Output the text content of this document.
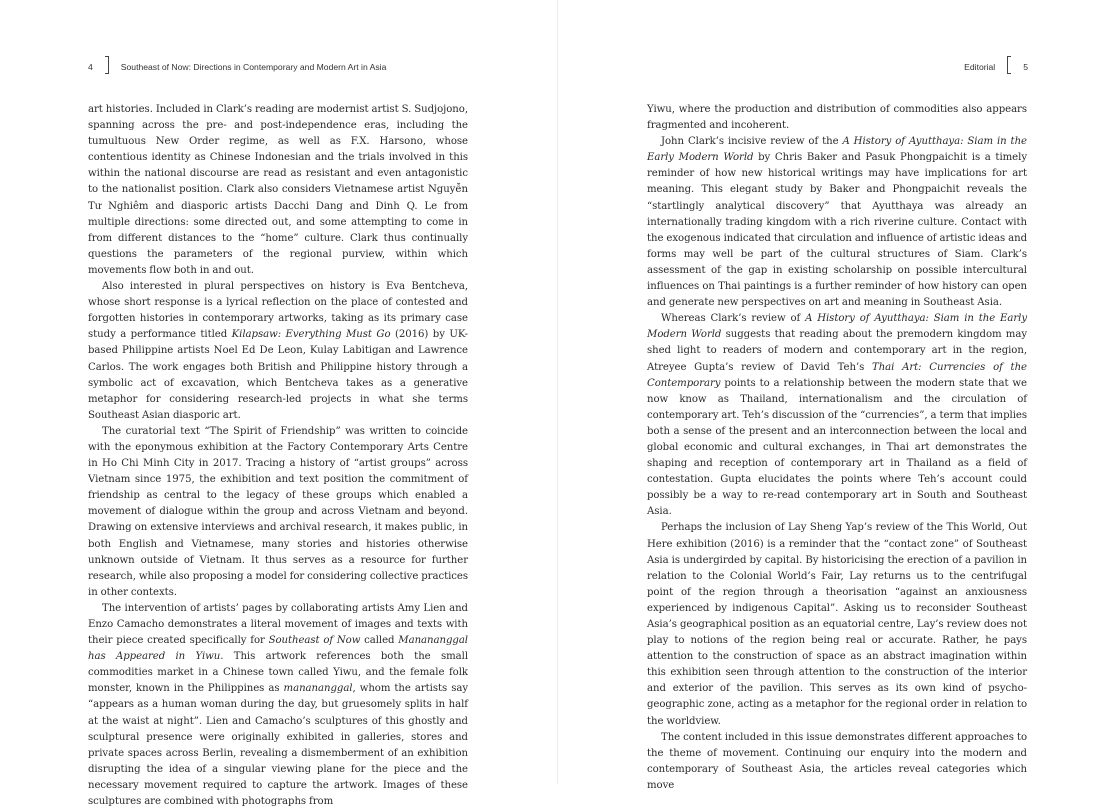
4	Southeast of Now: Directions in Contemporary and Modern Art in Asia

art histories. Included in Clark’s reading are modernist artist S. Sudjojono, spanning across the pre- and post-independence eras, including the tumultuous New Order regime, as well as F.X. Harsono, whose contentious identity as Chinese Indonesian and the trials involved in this within the national discourse are read as resistant and even antagonistic to the nationalist position. Clark also considers Vietnamese artist Nguyễn Tư Nghiêm and diasporic artists Dacchi Dang and Dinh Q. Le from multiple directions: some directed out, and some attempting to come in from different distances to the “home” culture. Clark thus continually questions the parameters of the regional purview, within which movements flow both in and out.

Also interested in plural perspectives on history is Eva Bentcheva, whose short response is a lyrical reflection on the place of contested and forgotten histories in contemporary artworks, taking as its primary case study a performance titled Kilapsaw: Everything Must Go (2016) by UK-based Philippine artists Noel Ed De Leon, Kulay Labitigan and Lawrence Carlos. The work engages both British and Philippine history through a symbolic act of excavation, which Bentcheva takes as a generative metaphor for considering research-led projects in what she terms Southeast Asian diasporic art.

The curatorial text “The Spirit of Friendship” was written to coincide with the eponymous exhibition at the Factory Contemporary Arts Centre in Ho Chi Minh City in 2017. Tracing a history of “artist groups” across Vietnam since 1975, the exhibition and text position the commitment of friendship as central to the legacy of these groups which enabled a movement of dialogue within the group and across Vietnam and beyond. Drawing on extensive interviews and archival research, it makes public, in both English and Vietnamese, many stories and histories otherwise unknown outside of Vietnam. It thus serves as a resource for further research, while also proposing a model for considering collective practices in other contexts.

The intervention of artists’ pages by collaborating artists Amy Lien and Enzo Camacho demonstrates a literal movement of images and texts with their piece created specifically for Southeast of Now called Manananggal has Appeared in Yiwu. This artwork references both the small commodities market in a Chinese town called Yiwu, and the female folk monster, known in the Philippines as manananggal, whom the artists say “appears as a human woman during the day, but gruesomely splits in half at the waist at night”. Lien and Camacho’s sculptures of this ghostly and sculptural presence were originally exhibited in galleries, stores and private spaces across Berlin, revealing a dismemberment of an exhibition disrupting the idea of a singular viewing plane for the piece and the necessary movement required to capture the artwork. Images of these sculptures are combined with photographs from

Editorial	5

Yiwu, where the production and distribution of commodities also appears fragmented and incoherent.

John Clark’s incisive review of the A History of Ayutthaya: Siam in the Early Modern World by Chris Baker and Pasuk Phongpaichit is a timely reminder of how new historical writings may have implications for art meaning. This elegant study by Baker and Phongpaichit reveals the “startlingly analytical discovery” that Ayutthaya was already an internationally trading kingdom with a rich riverine culture. Contact with the exogenous indicated that circulation and influence of artistic ideas and forms may well be part of the cultural structures of Siam. Clark’s assessment of the gap in existing scholarship on possible intercultural influences on Thai paintings is a further reminder of how history can open and generate new perspectives on art and meaning in Southeast Asia.

Whereas Clark’s review of A History of Ayutthaya: Siam in the Early Modern World suggests that reading about the premodern kingdom may shed light to readers of modern and contemporary art in the region, Atreyee Gupta’s review of David Teh’s Thai Art: Currencies of the Contemporary points to a relationship between the modern state that we now know as Thailand, internationalism and the circulation of contemporary art. Teh’s discussion of the “currencies”, a term that implies both a sense of the present and an interconnection between the local and global economic and cultural exchanges, in Thai art demonstrates the shaping and reception of contemporary art in Thailand as a field of contestation. Gupta elucidates the points where Teh’s account could possibly be a way to re-read contemporary art in South and Southeast Asia.

Perhaps the inclusion of Lay Sheng Yap’s review of the This World, Out Here exhibition (2016) is a reminder that the “contact zone” of Southeast Asia is undergirded by capital. By historicising the erection of a pavilion in relation to the Colonial World’s Fair, Lay returns us to the centrifugal point of the region through a theorisation “against an anxiousness experienced by indigenous Capital”. Asking us to reconsider Southeast Asia’s geographical position as an equatorial centre, Lay’s review does not play to notions of the region being real or accurate. Rather, he pays attention to the construction of space as an abstract imagination within this exhibition seen through attention to the construction of the interior and exterior of the pavilion. This serves as its own kind of psycho-geographic zone, acting as a metaphor for the regional order in relation to the worldview.

The content included in this issue demonstrates different approaches to the theme of movement. Continuing our enquiry into the modern and contemporary of Southeast Asia, the articles reveal categories which move
